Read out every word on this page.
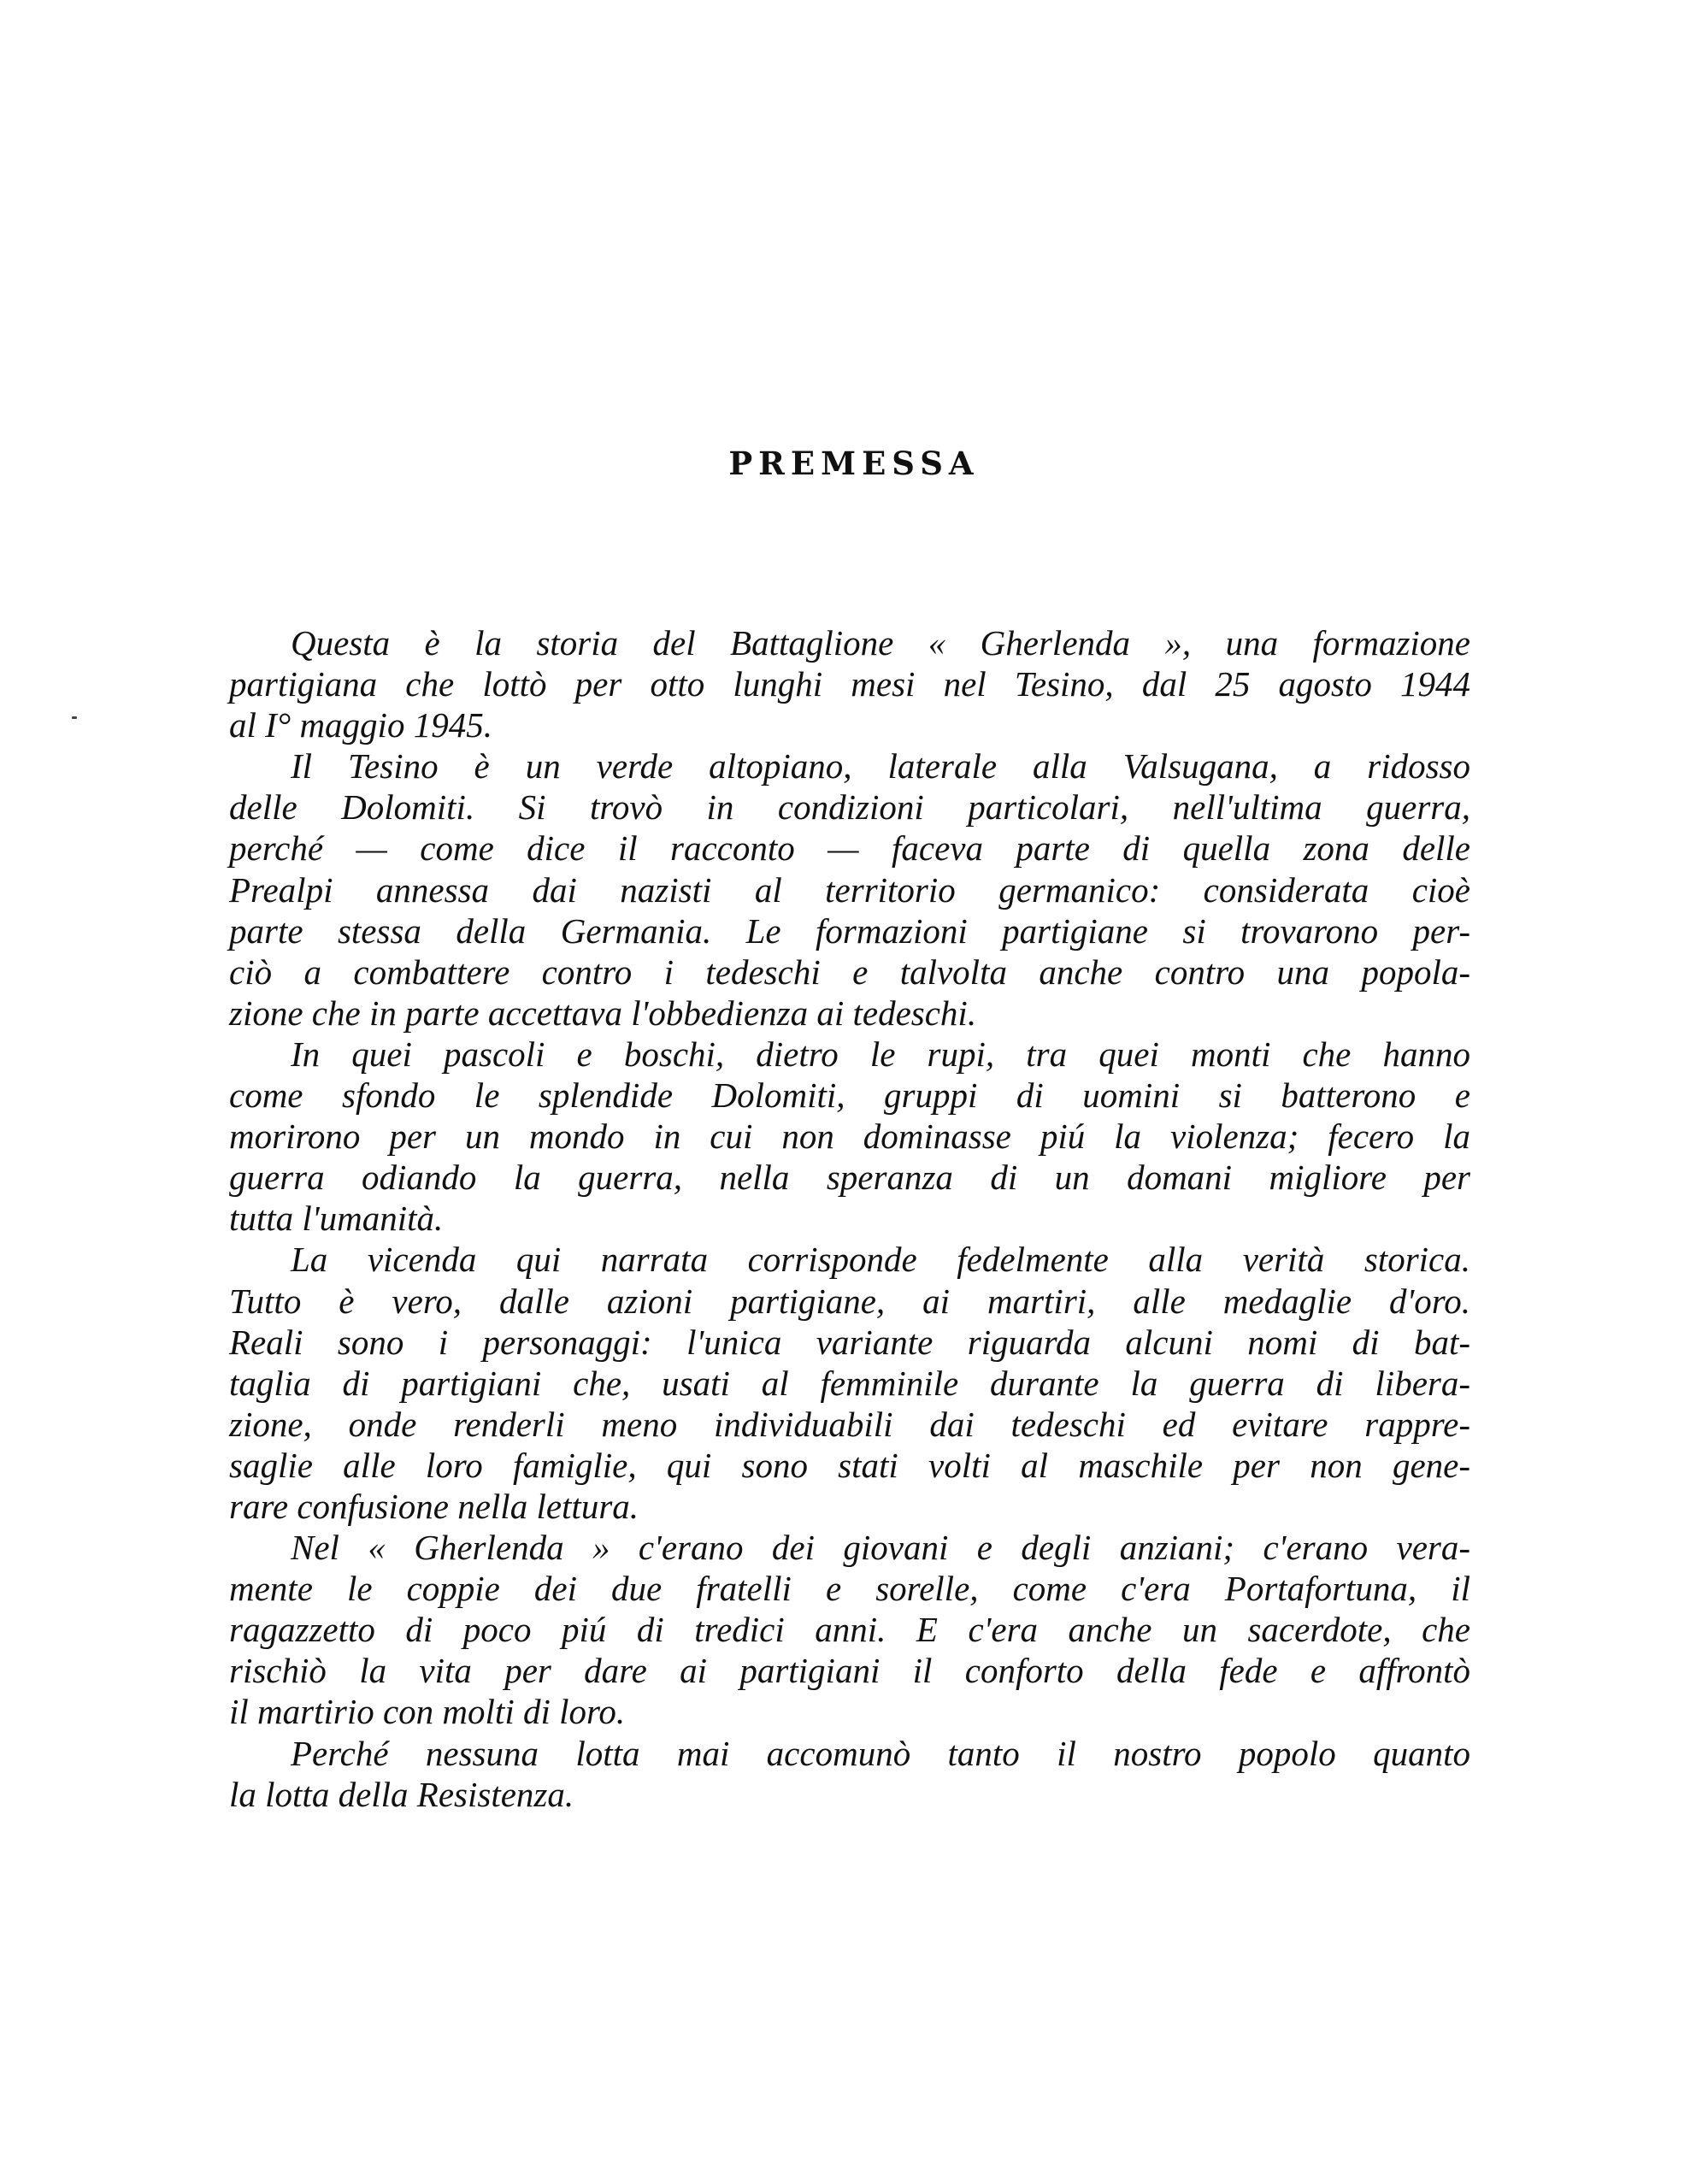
PREMESSA
Questa è la storia del Battaglione « Gherlenda », una formazione
partigiana che lottò per otto lunghi mesi nel Tesino, dal 25 agosto 1944
al I° maggio 1945.
Il Tesino è un verde altopiano, laterale alla Valsugana, a ridosso
delle Dolomiti. Si trovò in condizioni particolari, nell'ultima guerra,
perché — come dice il racconto — faceva parte di quella zona delle
Prealpi annessa dai nazisti al territorio germanico: considerata cioè
parte stessa della Germania. Le formazioni partigiane si trovarono per-
ciò a combattere contro i tedeschi e talvolta anche contro una popola-
zione che in parte accettava l'obbedienza ai tedeschi.
In quei pascoli e boschi, dietro le rupi, tra quei monti che hanno
come sfondo le splendide Dolomiti, gruppi di uomini si batterono e
morirono per un mondo in cui non dominasse piú la violenza; fecero la
guerra odiando la guerra, nella speranza di un domani migliore per
tutta l'umanità.
La vicenda qui narrata corrisponde fedelmente alla verità storica.
Tutto è vero, dalle azioni partigiane, ai martiri, alle medaglie d'oro.
Reali sono i personaggi: l'unica variante riguarda alcuni nomi di bat-
taglia di partigiani che, usati al femminile durante la guerra di libera-
zione, onde renderli meno individuabili dai tedeschi ed evitare rappre-
saglie alle loro famiglie, qui sono stati volti al maschile per non gene-
rare confusione nella lettura.
Nel « Gherlenda » c'erano dei giovani e degli anziani; c'erano vera-
mente le coppie dei due fratelli e sorelle, come c'era Portafortuna, il
ragazzetto di poco piú di tredici anni. E c'era anche un sacerdote, che
rischiò la vita per dare ai partigiani il conforto della fede e affrontò
il martirio con molti di loro.
Perché nessuna lotta mai accomunò tanto il nostro popolo quanto
la lotta della Resistenza.
